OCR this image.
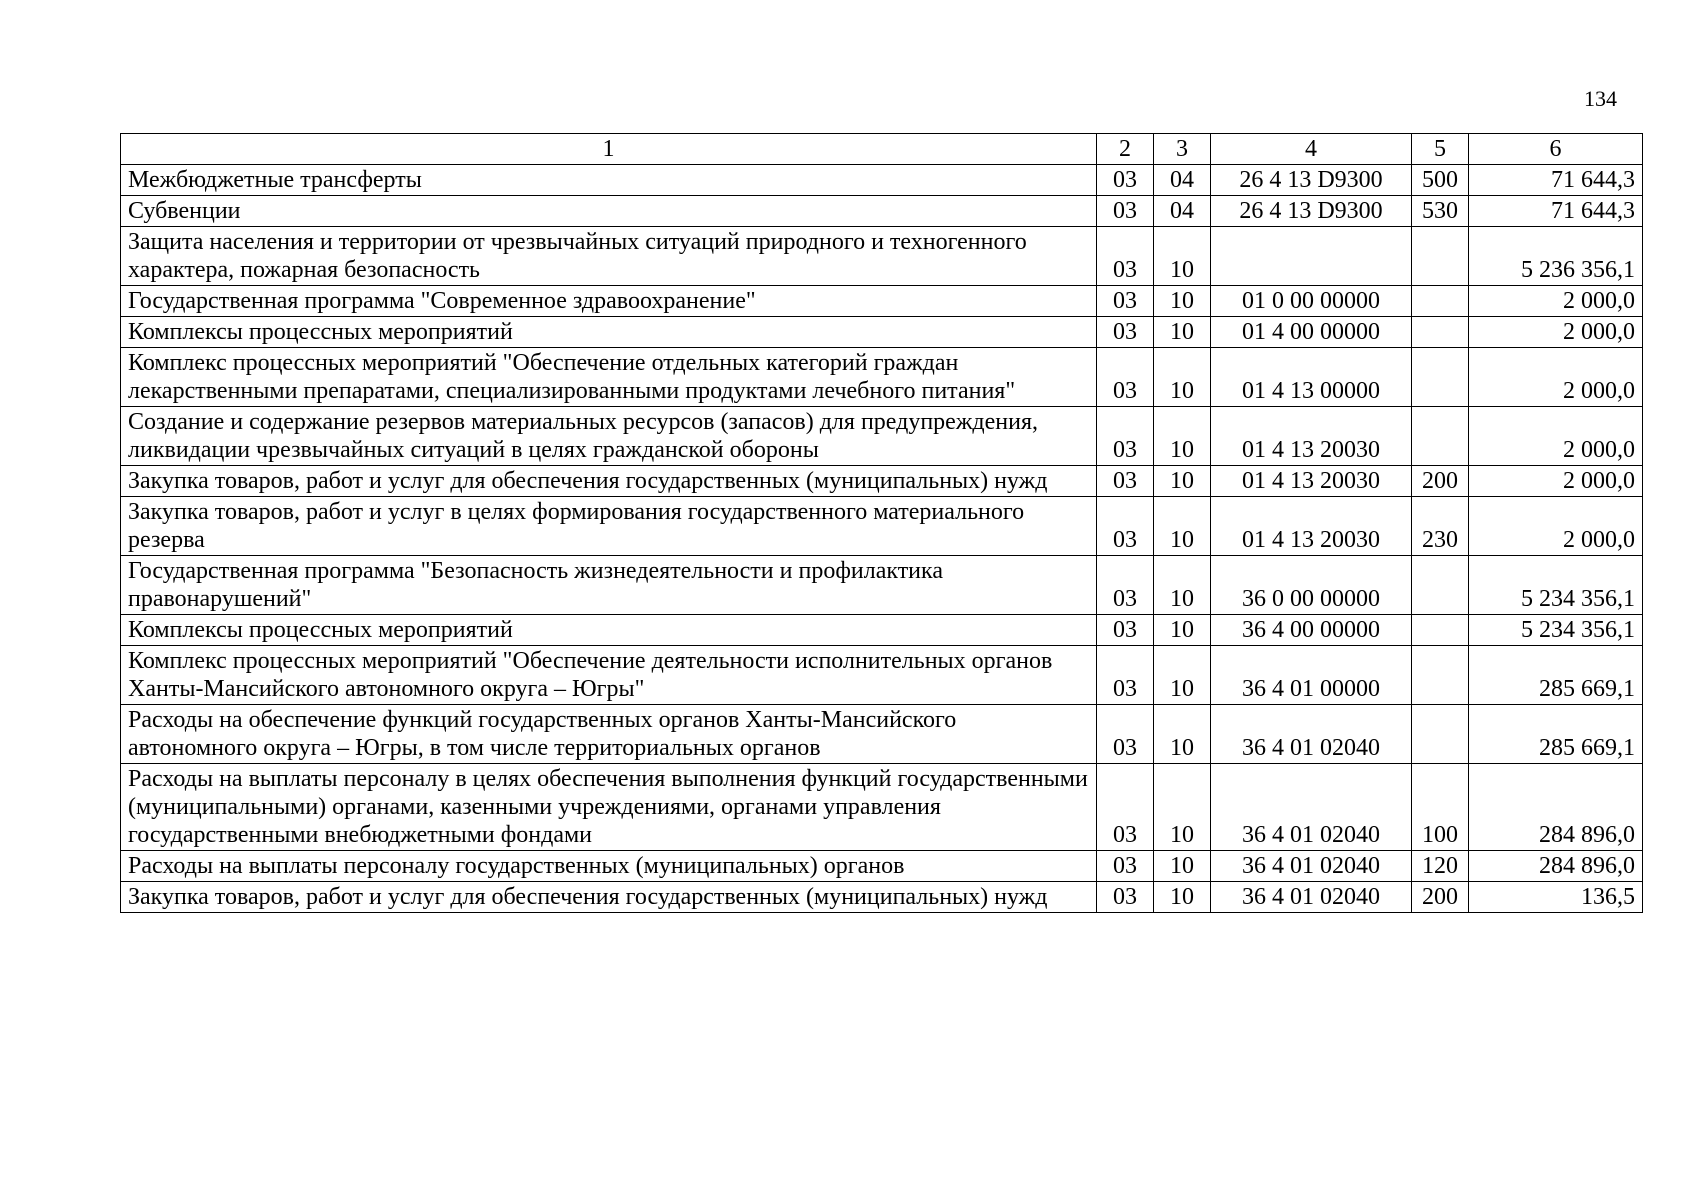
134
1	2	3	4	5	6
Межбюджетные трансферты	03	04	26 4 13 D9300	500	71 644,3
Субвенции	03	04	26 4 13 D9300	530	71 644,3
Защита населения и территории от чрезвычайных ситуаций природного и техногенного характера, пожарная безопасность	03	10			5 236 356,1
Государственная программа "Современное здравоохранение"	03	10	01 0 00 00000		2 000,0
Комплексы процессных мероприятий	03	10	01 4 00 00000		2 000,0
Комплекс процессных мероприятий "Обеспечение отдельных категорий граждан лекарственными препаратами, специализированными продуктами лечебного питания"	03	10	01 4 13 00000		2 000,0
Создание и содержание резервов материальных ресурсов (запасов) для предупреждения, ликвидации чрезвычайных ситуаций в целях гражданской обороны	03	10	01 4 13 20030		2 000,0
Закупка товаров, работ и услуг для обеспечения государственных (муниципальных) нужд	03	10	01 4 13 20030	200	2 000,0
Закупка товаров, работ и услуг в целях формирования государственного материального резерва	03	10	01 4 13 20030	230	2 000,0
Государственная программа "Безопасность жизнедеятельности и профилактика правонарушений"	03	10	36 0 00 00000		5 234 356,1
Комплексы процессных мероприятий	03	10	36 4 00 00000		5 234 356,1
Комплекс процессных мероприятий "Обеспечение деятельности исполнительных органов Ханты-Мансийского автономного округа – Югры"	03	10	36 4 01 00000		285 669,1
Расходы на обеспечение функций государственных органов Ханты-Мансийского автономного округа – Югры, в том числе территориальных органов	03	10	36 4 01 02040		285 669,1
Расходы на выплаты персоналу в целях обеспечения выполнения функций государственными (муниципальными) органами, казенными учреждениями, органами управления государственными внебюджетными фондами	03	10	36 4 01 02040	100	284 896,0
Расходы на выплаты персоналу государственных (муниципальных) органов	03	10	36 4 01 02040	120	284 896,0
Закупка товаров, работ и услуг для обеспечения государственных (муниципальных) нужд	03	10	36 4 01 02040	200	136,5
